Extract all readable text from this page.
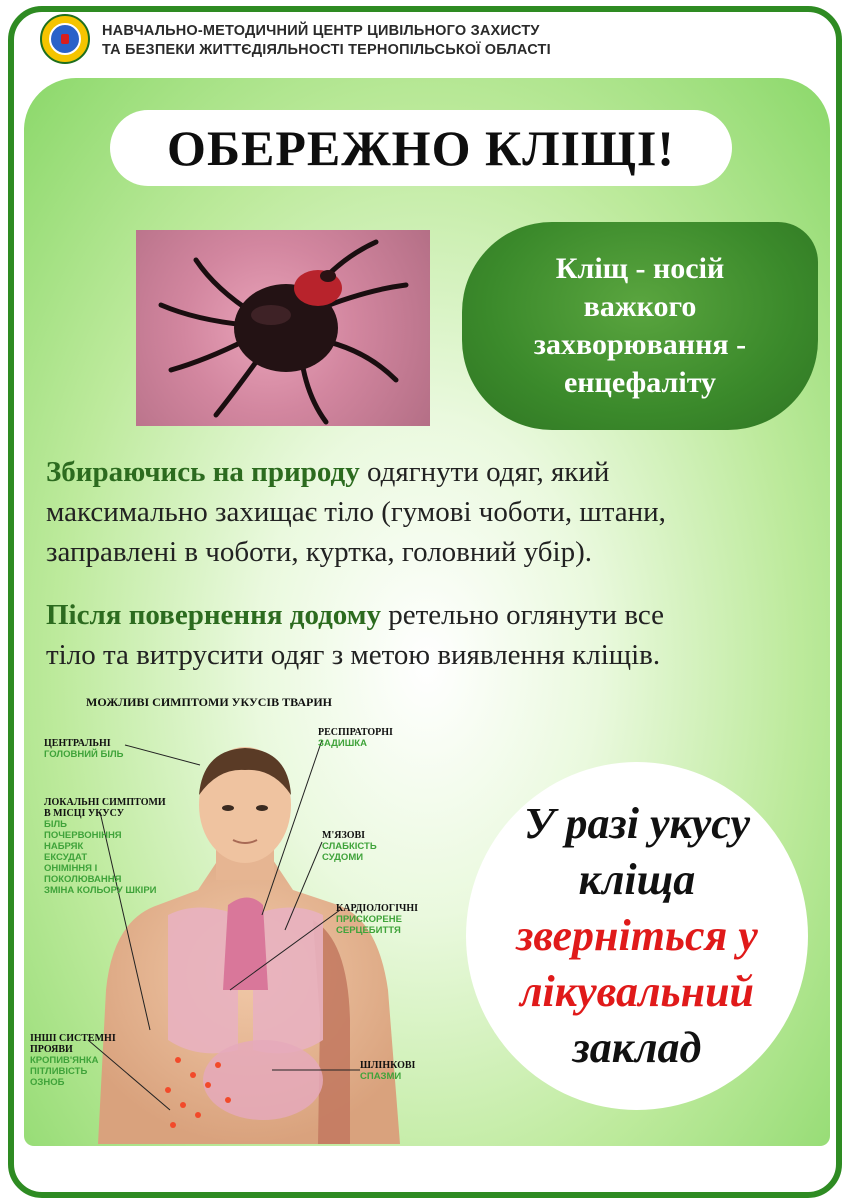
НАВЧАЛЬНО-МЕТОДИЧНИЙ ЦЕНТР ЦИВІЛЬНОГО ЗАХИСТУ
ТА БЕЗПЕКИ ЖИТТЄДІЯЛЬНОСТІ ТЕРНОПІЛЬСЬКОЇ ОБЛАСТІ
ОБЕРЕЖНО КЛІЩІ!
Кліщ - носій
важкого
захворювання -
енцефаліту
Збираючись на природу одягнути одяг, який
максимально захищає тіло (гумові чоботи, штани,
заправлені в чоботи, куртка, головний убір).
Після повернення додому ретельно оглянути все
тіло та витрусити одяг з метою виявлення кліщів.
МОЖЛИВІ СИМПТОМИ УКУСІВ ТВАРИН
ЦЕНТРАЛЬНІ
ГОЛОВНИЙ БІЛЬ
ЛОКАЛЬНІ СИМПТОМИ
В МІСЦІ УКУСУ
БІЛЬ
ПОЧЕРВОНІННЯ
НАБРЯК
ЕКСУДАТ
ОНІМІННЯ І
ПОКОЛЮВАННЯ
ЗМІНА КОЛЬОРУ ШКІРИ
ІНШІ СИСТЕМНІ
ПРОЯВИ
КРОПИВ'ЯНКА
ПІТЛИВІСТЬ
ОЗНОБ
РЕСПІРАТОРНІ
ЗАДИШКА
М'ЯЗОВІ
СЛАБКІСТЬ
СУДОМИ
КАРДІОЛОГІЧНІ
ПРИСКОРЕНЕ
СЕРЦЕБИТТЯ
ШЛІНКОВІ
СПАЗМИ
У разі укусу
кліща
зверніться у
лікувальний
заклад
